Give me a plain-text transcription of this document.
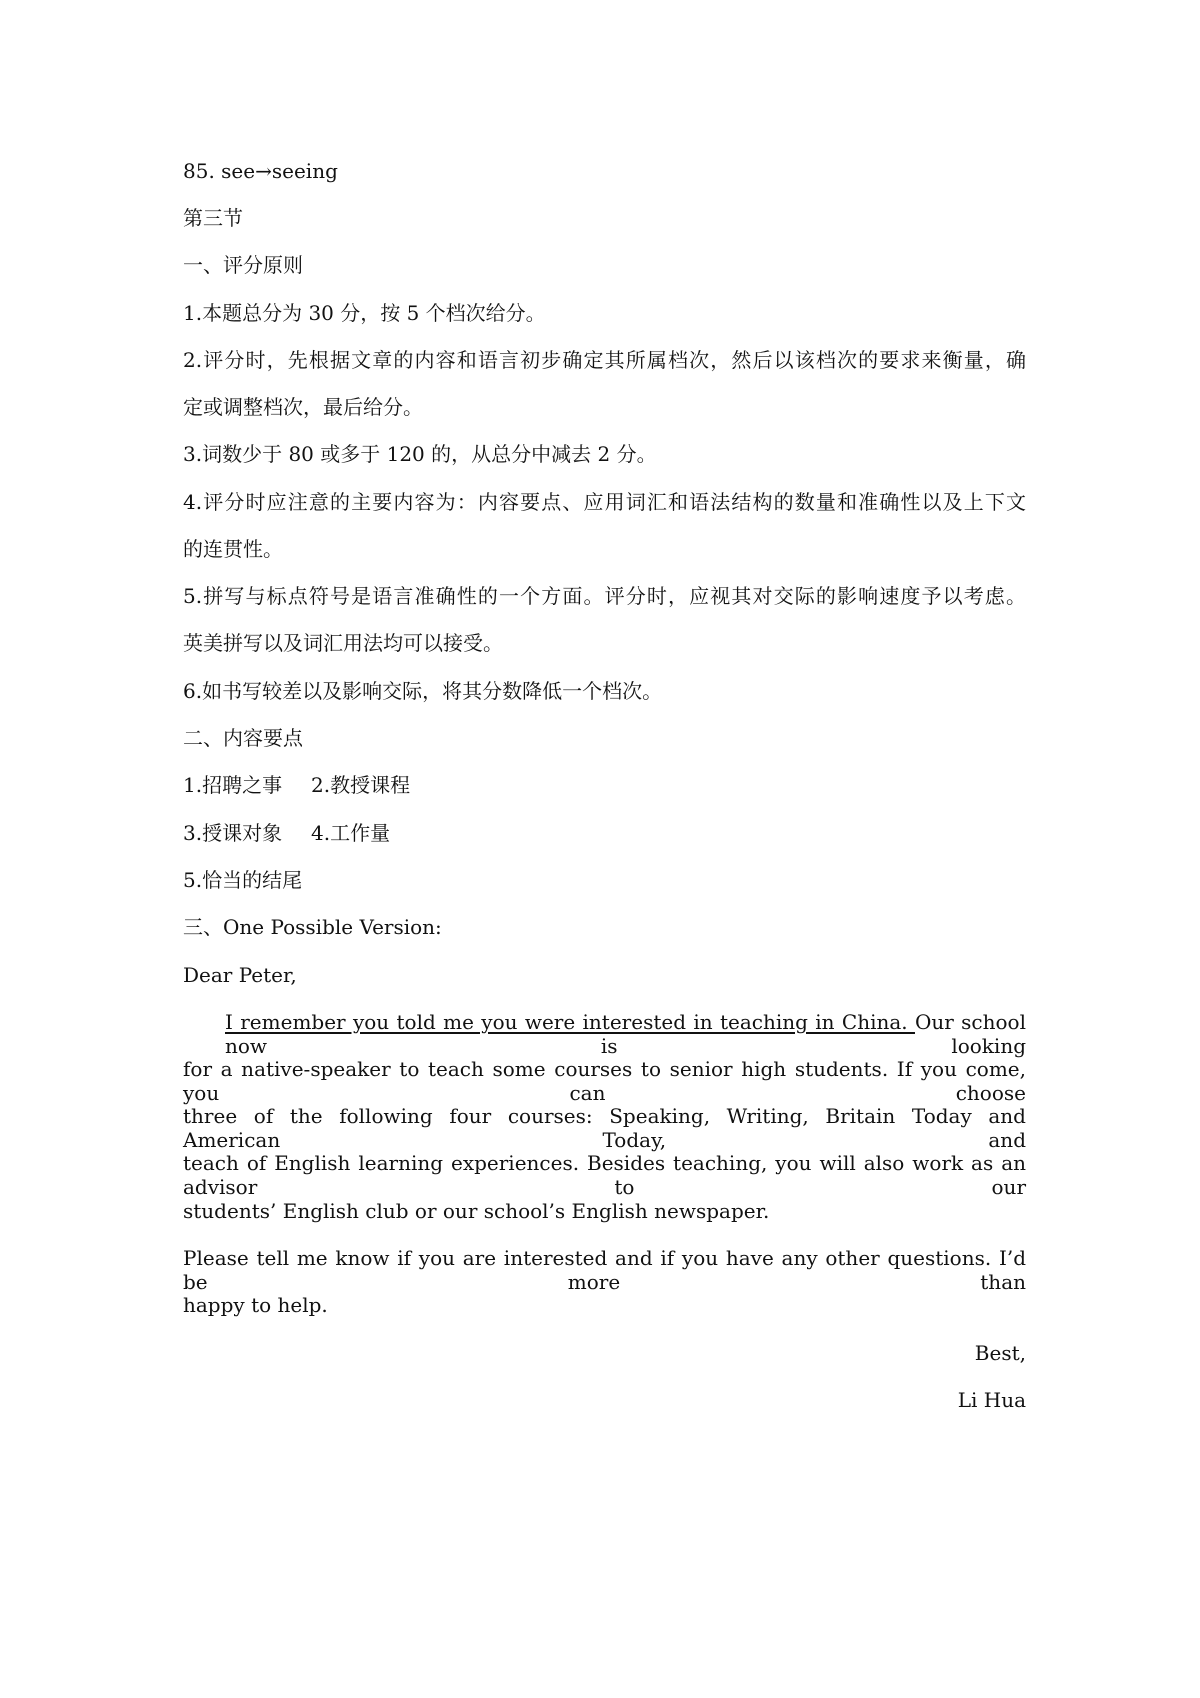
85. see→seeing
第三节
一、评分原则
1.本题总分为 30 分，按 5 个档次给分。
2.评分时，先根据文章的内容和语言初步确定其所属档次，然后以该档次的要求来衡量，确
定或调整档次，最后给分。
3.词数少于 80 或多于 120 的，从总分中减去 2 分。
4.评分时应注意的主要内容为：内容要点、应用词汇和语法结构的数量和准确性以及上下文
的连贯性。
5.拼写与标点符号是语言准确性的一个方面。评分时，应视其对交际的影响速度予以考虑。
英美拼写以及词汇用法均可以接受。
6.如书写较差以及影响交际，将其分数降低一个档次。
二、内容要点
1.招聘之事 2.教授课程
3.授课对象 4.工作量
5.恰当的结尾
三、One Possible Version:
Dear Peter,
I remember you told me you were interested in teaching in China. Our school now is looking
for a native-speaker to teach some courses to senior high students. If you come, you can choose
three of the following four courses: Speaking, Writing, Britain Today and American Today, and
teach of English learning experiences. Besides teaching, you will also work as an advisor to our
students’ English club or our school’s English newspaper.
Please tell me know if you are interested and if you have any other questions. I’d be more than
happy to help.
Best,
Li Hua
